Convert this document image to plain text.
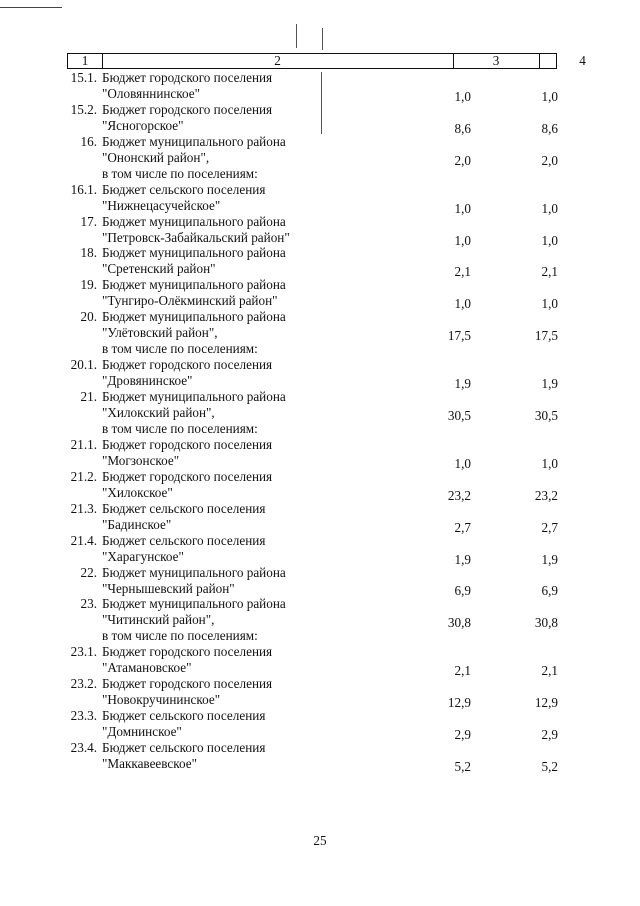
1	2	3	4
15.1. Бюджет городского поселения
"Оловяннинское"	1,0	1,0
15.2. Бюджет городского поселения
"Ясногорское"	8,6	8,6
16. Бюджет муниципального района
"Ононский район",
в том числе по поселениям:
2,0	2,0
16.1. Бюджет сельского поселения
"Нижнецасучейское"	1,0	1,0
17. Бюджет муниципального района
"Петровск-Забайкальский район"	1,0	1,0
18. Бюджет муниципального района
"Сретенский район"	2,1	2,1
19. Бюджет муниципального района
"Тунгиро-Олёкминский район"	1,0	1,0
20. Бюджет муниципального района
"Улётовский район",
в том числе по поселениям:
17,5	17,5
20.1. Бюджет городского поселения
"Дровянинское"	1,9	1,9
21. Бюджет муниципального района
"Хилокский район",
в том числе по поселениям:
30,5	30,5
21.1. Бюджет городского поселения
"Могзонское"	1,0	1,0
21.2. Бюджет городского поселения
"Хилокское"	23,2	23,2
21.3. Бюджет сельского поселения
"Бадинское"	2,7	2,7
21.4. Бюджет сельского поселения
"Харагунское"	1,9	1,9
22. Бюджет муниципального района
"Чернышевский район"	6,9	6,9
23. Бюджет муниципального района
"Читинский район",
в том числе по поселениям:
30,8	30,8
23.1. Бюджет городского поселения
"Атамановское"	2,1	2,1
23.2. Бюджет городского поселения
"Новокручининское"	12,9	12,9
23.3. Бюджет сельского поселения
"Домнинское"	2,9	2,9
23.4. Бюджет сельского поселения
"Маккавеевское"	5,2	5,2
25
